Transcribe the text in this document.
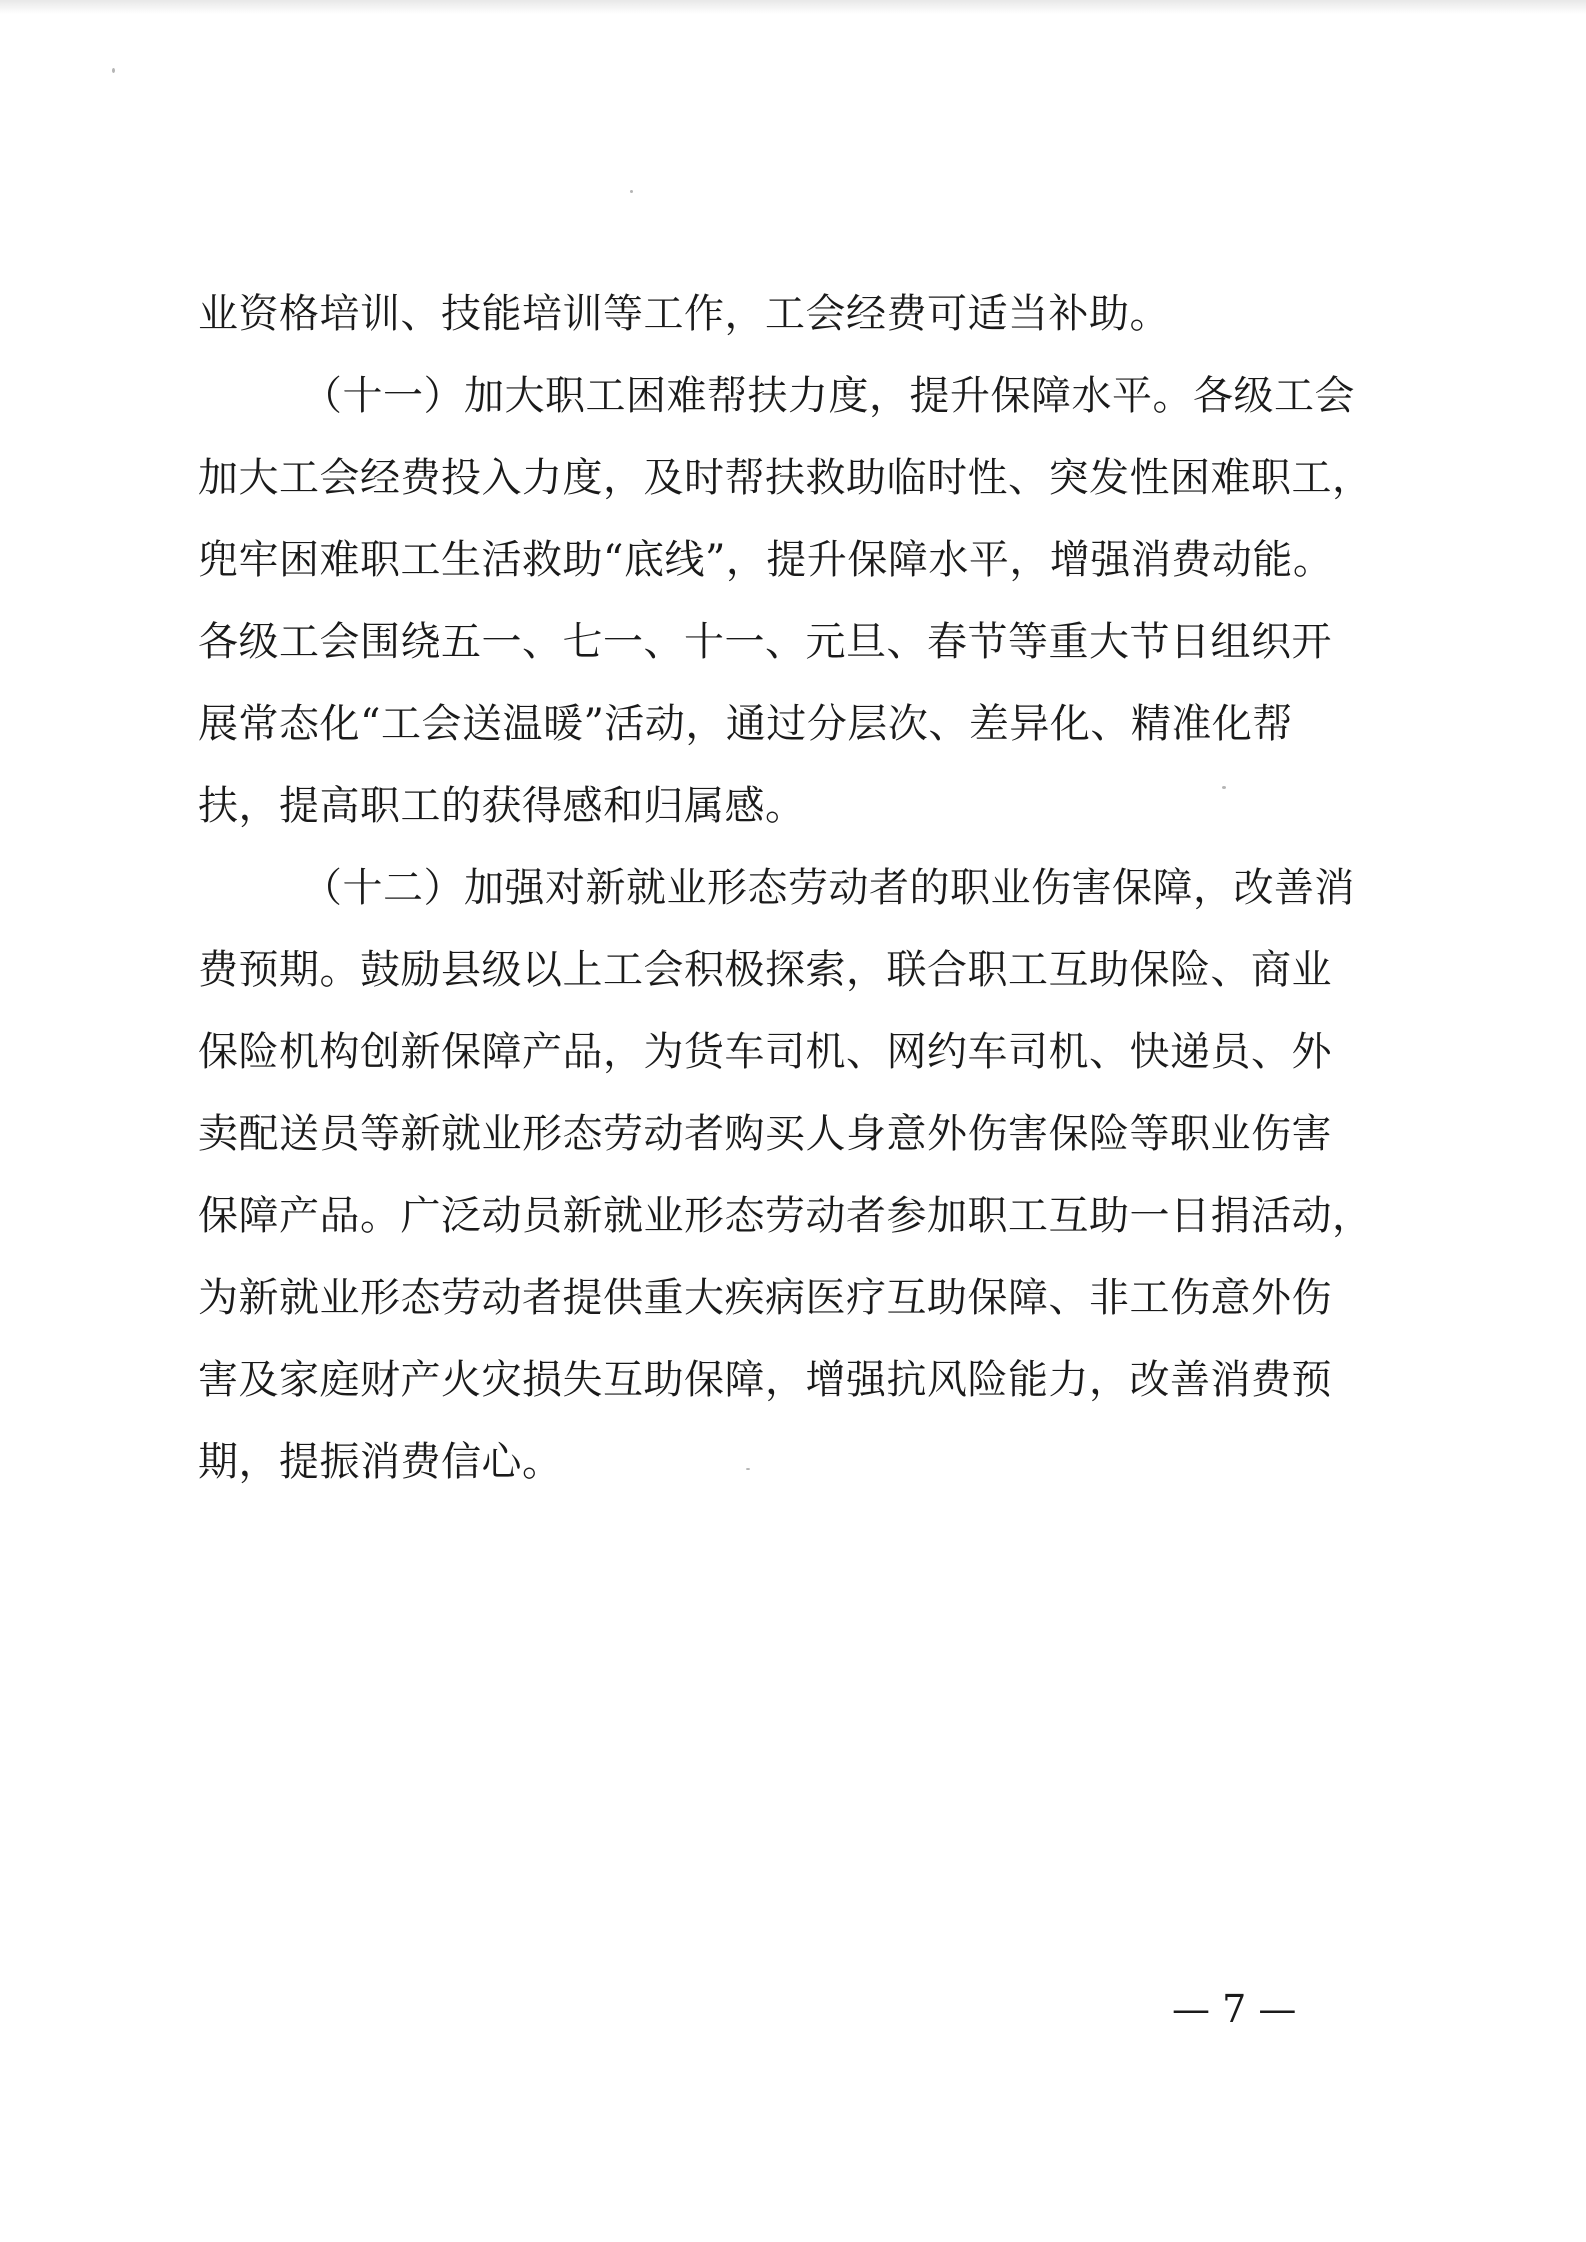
业资格培训、技能培训等工作，工会经费可适当补助。
（十一）加大职工困难帮扶力度，提升保障水平。各级工会
加大工会经费投入力度，及时帮扶救助临时性、突发性困难职工，
兜牢困难职工生活救助“底线”，提升保障水平，增强消费动能。
各级工会围绕五一、七一、十一、元旦、春节等重大节日组织开
展常态化“工会送温暖”活动，通过分层次、差异化、精准化帮
扶，提高职工的获得感和归属感。
（十二）加强对新就业形态劳动者的职业伤害保障，改善消
费预期。鼓励县级以上工会积极探索，联合职工互助保险、商业
保险机构创新保障产品，为货车司机、网约车司机、快递员、外
卖配送员等新就业形态劳动者购买人身意外伤害保险等职业伤害
保障产品。广泛动员新就业形态劳动者参加职工互助一日捐活动，
为新就业形态劳动者提供重大疾病医疗互助保障、非工伤意外伤
害及家庭财产火灾损失互助保障，增强抗风险能力，改善消费预
期，提振消费信心。
— 7 —
